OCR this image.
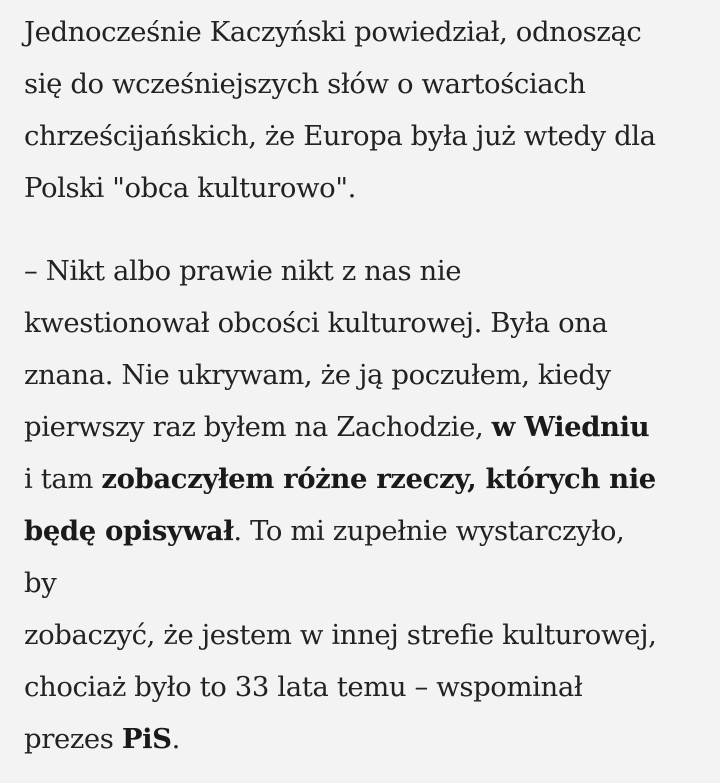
Jednocześnie Kaczyński powiedział, odnosząc
się do wcześniejszych słów o wartościach
chrześcijańskich, że Europa była już wtedy dla
Polski "obca kulturowo".
– Nikt albo prawie nikt z nas nie
kwestionował obcości kulturowej. Była ona
znana. Nie ukrywam, że ją poczułem, kiedy
pierwszy raz byłem na Zachodzie, w Wiedniu
i tam zobaczyłem różne rzeczy, których nie
będę opisywał. To mi zupełnie wystarczyło,
by
zobaczyć, że jestem w innej strefie kulturowej,
chociaż było to 33 lata temu – wspominał
prezes PiS.
